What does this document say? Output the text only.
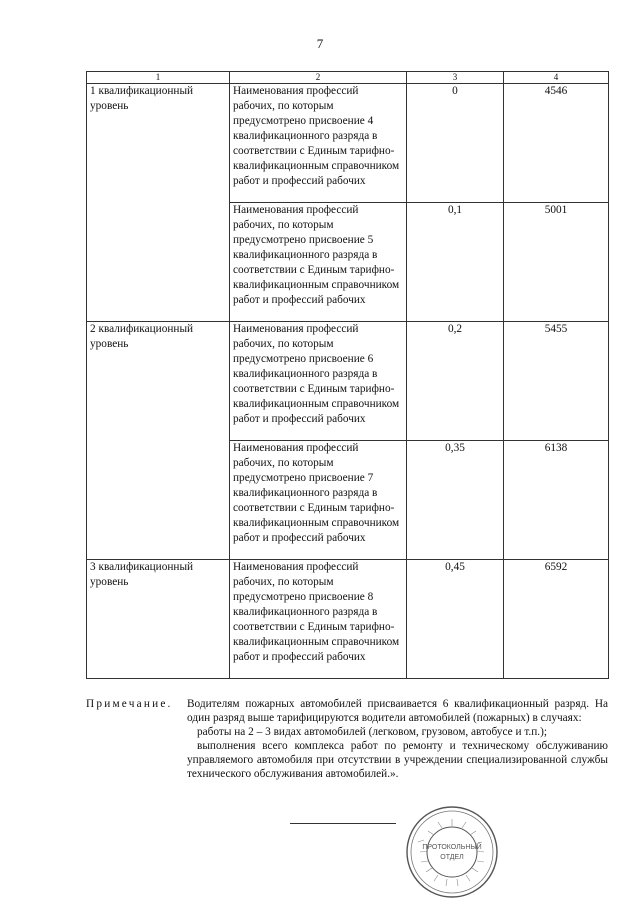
7
1	2	3	4
1 квалификационный уровень	Наименования профессий рабочих, по которым предусмотрено присвоение 4 квалификационного разряда в соответствии с Единым тарифно-квалификационным справочником работ и профессий рабочих	0	4546
	Наименования профессий рабочих, по которым предусмотрено присвоение 5 квалификационного разряда в соответствии с Единым тарифно-квалификационным справочником работ и профессий рабочих	0,1	5001
2 квалификационный уровень	Наименования профессий рабочих, по которым предусмотрено присвоение 6 квалификационного разряда в соответствии с Единым тарифно-квалификационным справочником работ и профессий рабочих	0,2	5455
	Наименования профессий рабочих, по которым предусмотрено присвоение 7 квалификационного разряда в соответствии с Единым тарифно-квалификационным справочником работ и профессий рабочих	0,35	6138
3 квалификационный уровень	Наименования профессий рабочих, по которым предусмотрено присвоение 8 квалификационного разряда в соответствии с Единым тарифно-квалификационным справочником работ и профессий рабочих	0,45	6592
Примечание. Водителям пожарных автомобилей присваивается 6 квалификационный разряд. На один разряд выше тарифицируются водители автомобилей (пожарных) в случаях:

работы на 2 – 3 видах автомобилей (легковом, грузовом, автобусе и т.п.);

выполнения всего комплекса работ по ремонту и техническому обслуживанию управляемого автомобиля при отсутствии в учреждении специализированной службы технического обслуживания автомобилей.».

ПРОТОКОЛЬНЫЙ
ОТДЕЛ
